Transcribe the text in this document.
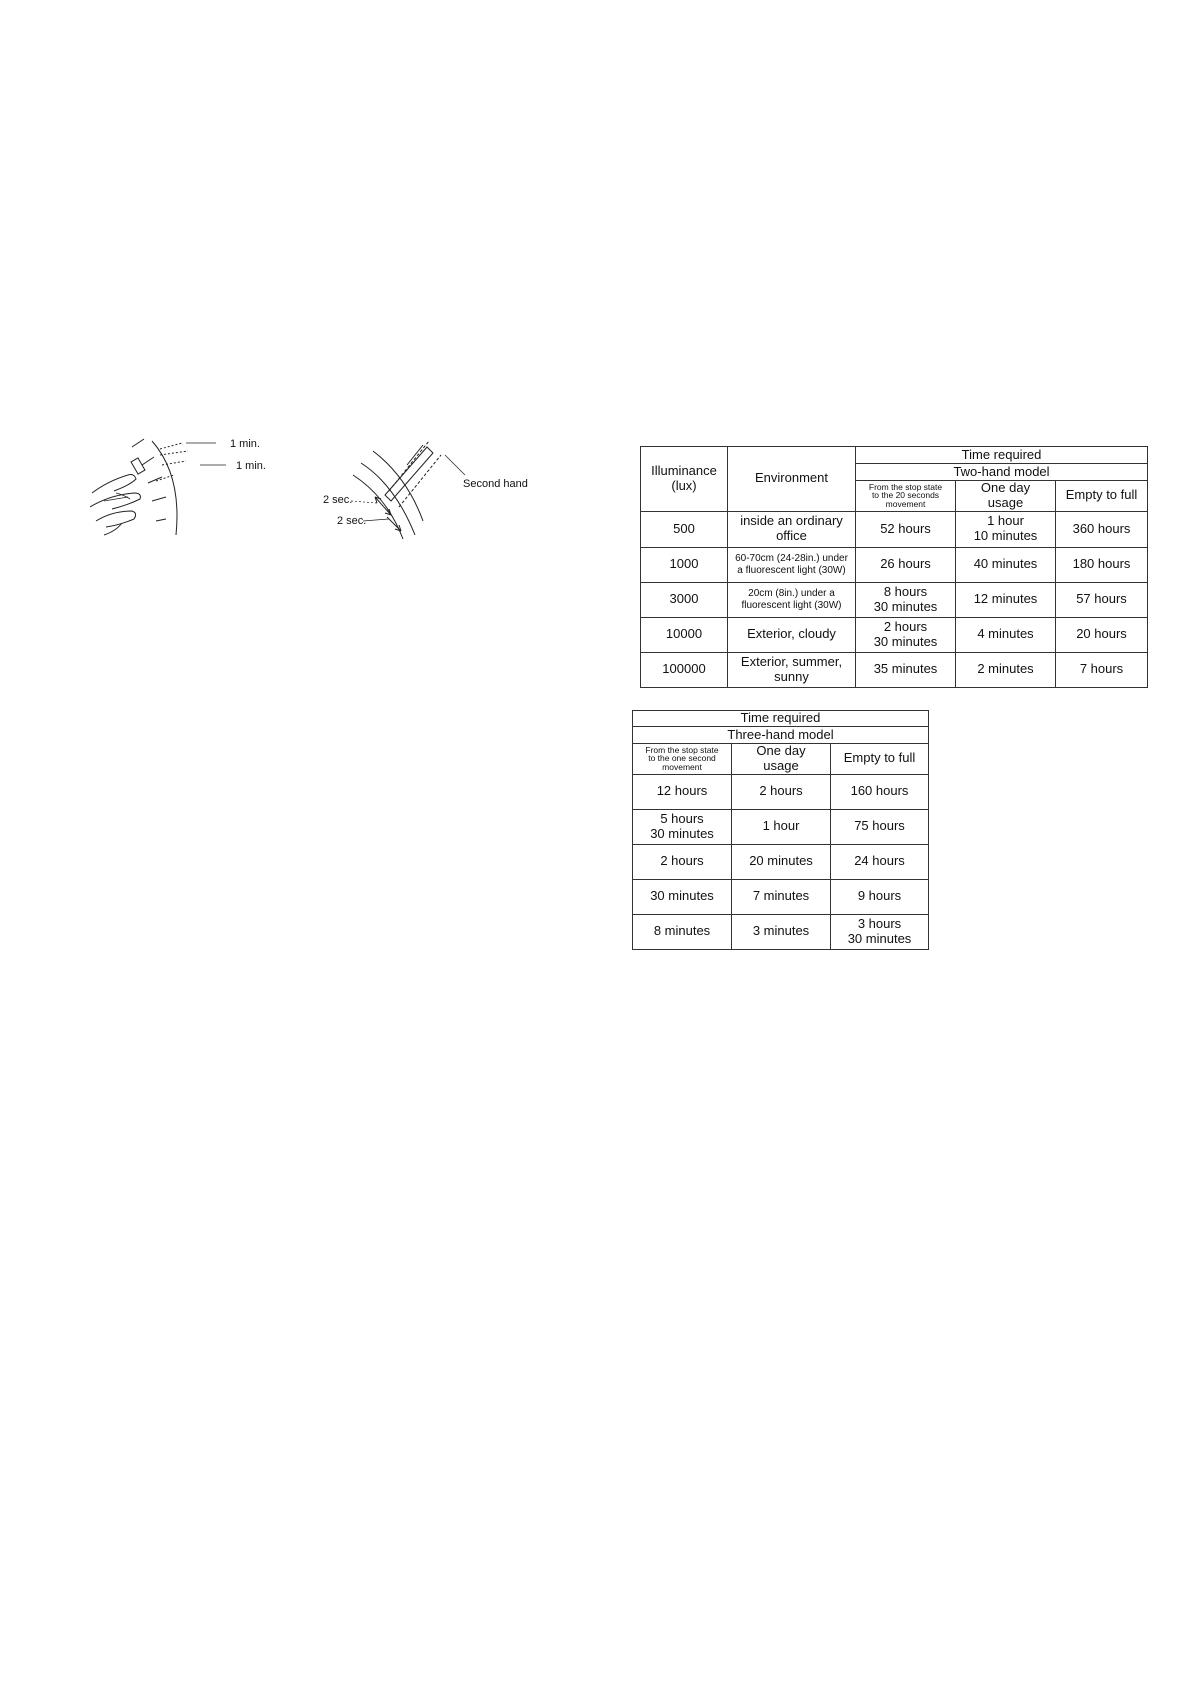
1 min.
1 min.
2 sec.
2 sec.
Second hand
Illuminance
(lux)	Environment	Time required		
		Two-hand model		
		From the stop state
to the 20 seconds
movement	One day
usage	Empty to full
500	inside an ordinary
office	52 hours	1 hour
10 minutes	360 hours
1000	60-70cm (24-28in.) under
a fluorescent light (30W)	26 hours	40 minutes	180 hours
3000	20cm (8in.) under a
fluorescent light (30W)	8 hours
30 minutes	12 minutes	57 hours
10000	Exterior, cloudy	2 hours
30 minutes	4 minutes	20 hours
100000	Exterior, summer,
sunny	35 minutes	2 minutes	7 hours
Time required		
Three-hand model		
From the stop state
to the one second
movement	One day
usage	Empty to full
12 hours	2 hours	160 hours
5 hours
30 minutes	1 hour	75 hours
2 hours	20 minutes	24 hours
30 minutes	7 minutes	9 hours
8 minutes	3 minutes	3 hours
30 minutes
